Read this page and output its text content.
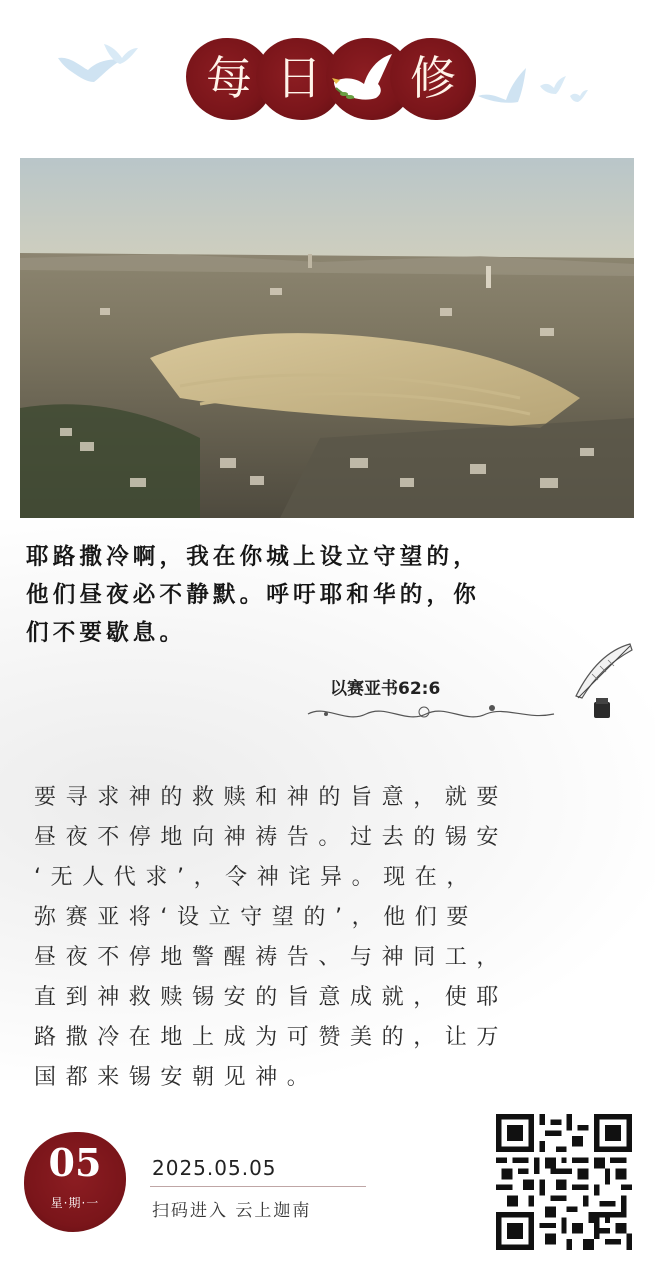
每 日	修
耶路撒冷啊，我在你城上设立守望的，
他们昼夜必不静默。呼吁耶和华的，你
们不要歇息。
以赛亚书62:6
要寻求神的救赎和神的旨意，就要
昼夜不停地向神祷告。过去的锡安
‘无人代求’，令神诧异。现在，
弥赛亚将‘设立守望的’，他们要
昼夜不停地警醒祷告、与神同工，
直到神救赎锡安的旨意成就，使耶
路撒冷在地上成为可赞美的，让万
国都来锡安朝见神。
05
星·期·一
2025.05.05
扫码进入 云上迦南
